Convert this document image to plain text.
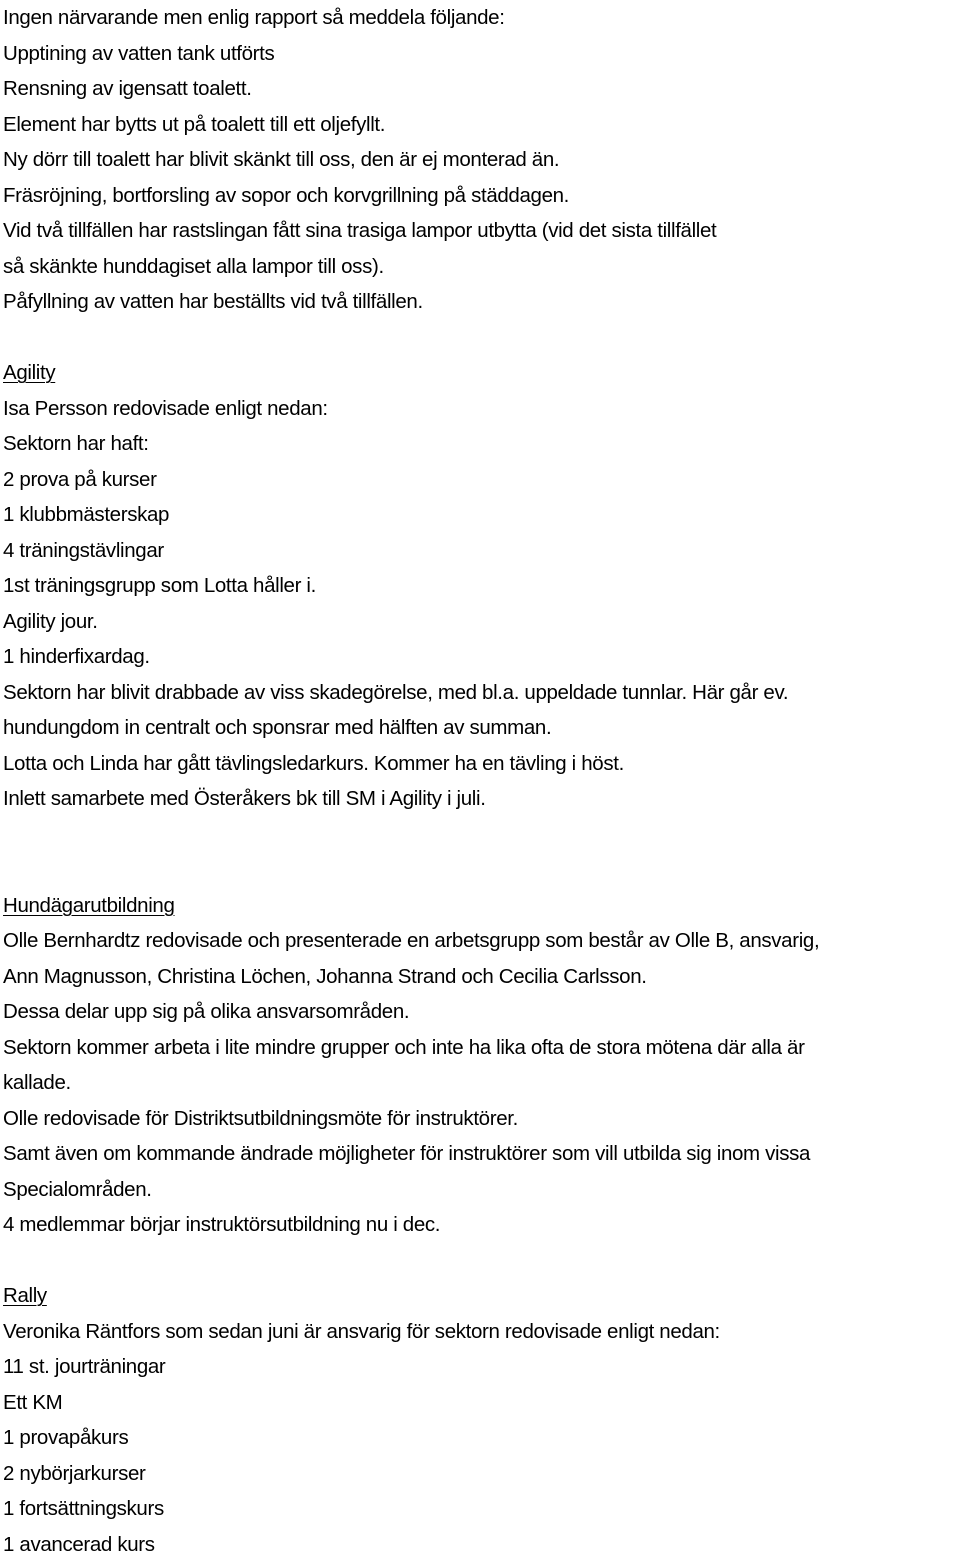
Ingen närvarande men enlig rapport så meddela följande:

Upptining av vatten tank utförts

Rensning av igensatt toalett.

Element har bytts ut på toalett till ett oljefyllt.

Ny dörr till toalett har blivit skänkt till oss, den är ej monterad än.

Fräsröjning, bortforsling av sopor och korvgrillning på städdagen.

Vid två tillfällen har rastslingan fått sina trasiga lampor utbytta (vid det sista tillfället

så skänkte hunddagiset alla lampor till oss).

Påfyllning av vatten har beställts vid två tillfällen.

Agility

Isa Persson redovisade enligt nedan:

Sektorn har haft:

2 prova på kurser

1 klubbmästerskap

4 träningstävlingar

1st träningsgrupp som Lotta håller i.

Agility jour.

1 hinderfixardag.

Sektorn har blivit drabbade av viss skadegörelse, med bl.a. uppeldade tunnlar. Här går ev.

hundungdom in centralt och sponsrar med hälften av summan.

Lotta och Linda har gått tävlingsledarkurs. Kommer ha en tävling i höst.

Inlett samarbete med Österåkers bk till SM i Agility i juli.

Hundägarutbildning

Olle Bernhardtz redovisade och presenterade en arbetsgrupp som består av Olle B, ansvarig,

Ann Magnusson, Christina Löchen, Johanna Strand och Cecilia Carlsson.

Dessa delar upp sig på olika ansvarsområden.

Sektorn kommer arbeta i lite mindre grupper och inte ha lika ofta de stora mötena där alla är

kallade.

Olle redovisade för Distriktsutbildningsmöte för instruktörer.

Samt även om kommande ändrade möjligheter för instruktörer som vill utbilda sig inom vissa

Specialområden.

4 medlemmar börjar instruktörsutbildning nu i dec.

Rally

Veronika Räntfors som sedan juni är ansvarig för sektorn redovisade enligt nedan:

11 st. jourträningar

Ett KM

1 provapåkurs

2 nybörjarkurser

1 fortsättningskurs

1 avancerad kurs
